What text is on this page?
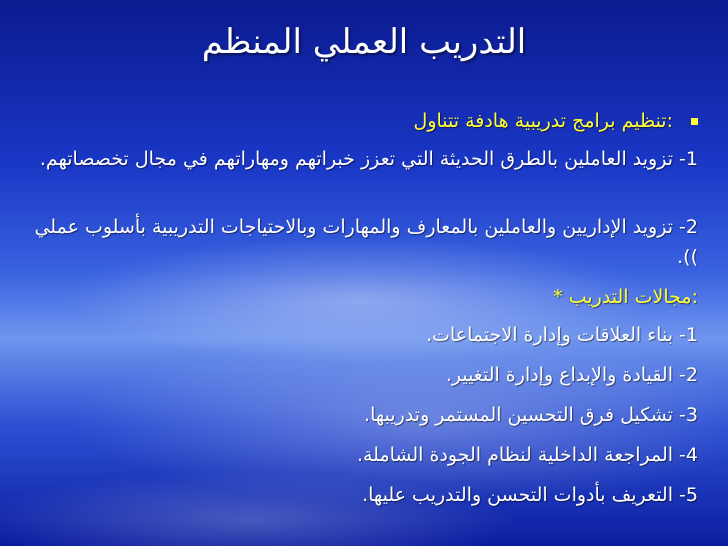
التدريب العملي المنظم
:تنظيم برامج تدريبية هادفة تتناول
1- تزويد العاملين بالطرق الحديثة التي تعزز خبراتهم ومهاراتهم في مجال تخصصاتهم.
2- تزويد الإداريين والعاملين بالمعارف والمهارات وبالاحتياجات التدريبية بأسلوب عملي )).
:مجالات التدريب *
1- بناء العلاقات وإدارة الاجتماعات.
2- القيادة والإبداع وإدارة التغيير.
3- تشكيل فرق التحسين المستمر وتدريبها.
4- المراجعة الداخلية لنظام الجودة الشاملة.
5- التعريف بأدوات التحسن والتدريب عليها.
